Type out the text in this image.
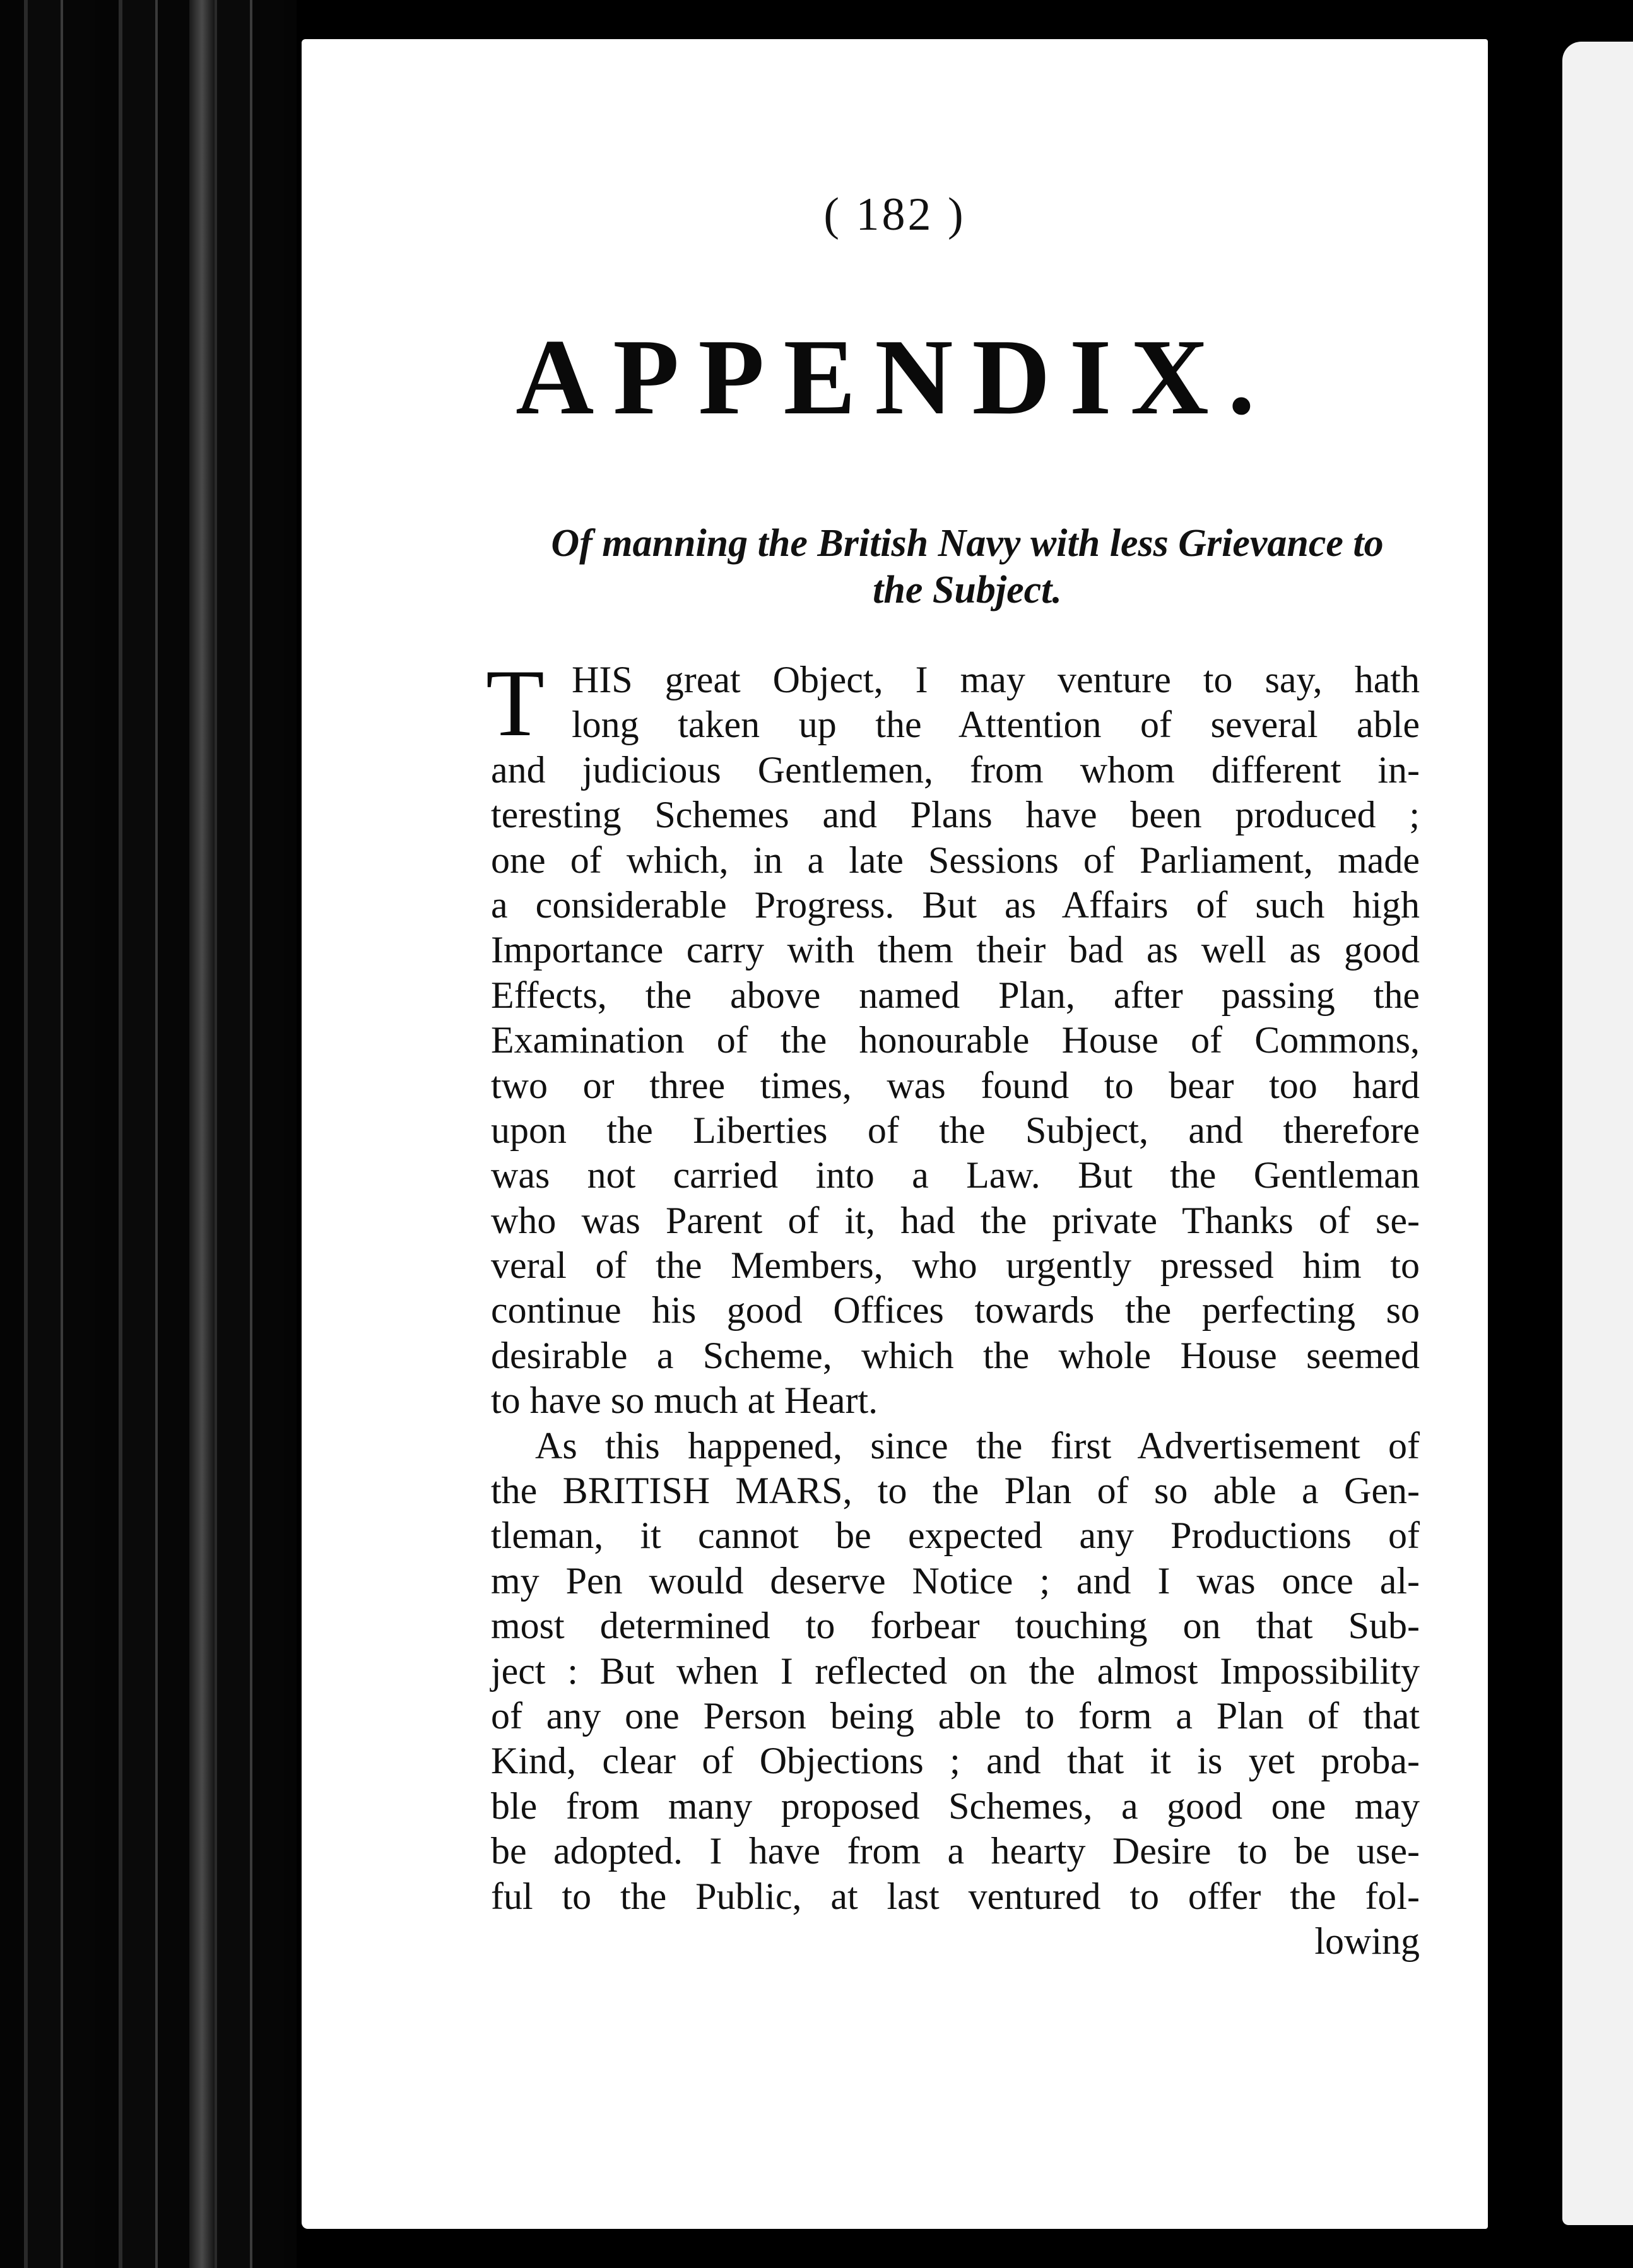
( 182 )
APPENDIX.
Of manning the British Navy with less Grievance to
the Subject.
T HIS great Object, I may venture to say, hath
long taken up the Attention of several able
and judicious Gentlemen, from whom different in-
teresting Schemes and Plans have been produced ;
one of which, in a late Sessions of Parliament, made
a considerable Progress. But as Affairs of such high
Importance carry with them their bad as well as good
Effects, the above named Plan, after passing the
Examination of the honourable House of Commons,
two or three times, was found to bear too hard
upon the Liberties of the Subject, and therefore
was not carried into a Law. But the Gentleman
who was Parent of it, had the private Thanks of se-
veral of the Members, who urgently pressed him to
continue his good Offices towards the perfecting so
desirable a Scheme, which the whole House seemed
to have so much at Heart.
As this happened, since the first Advertisement of
the BRITISH MARS, to the Plan of so able a Gen-
tleman, it cannot be expected any Productions of
my Pen would deserve Notice ; and I was once al-
most determined to forbear touching on that Sub-
ject : But when I reflected on the almost Impossibility
of any one Person being able to form a Plan of that
Kind, clear of Objections ; and that it is yet proba-
ble from many proposed Schemes, a good one may
be adopted. I have from a hearty Desire to be use-
ful to the Public, at last ventured to offer the fol-
lowing
